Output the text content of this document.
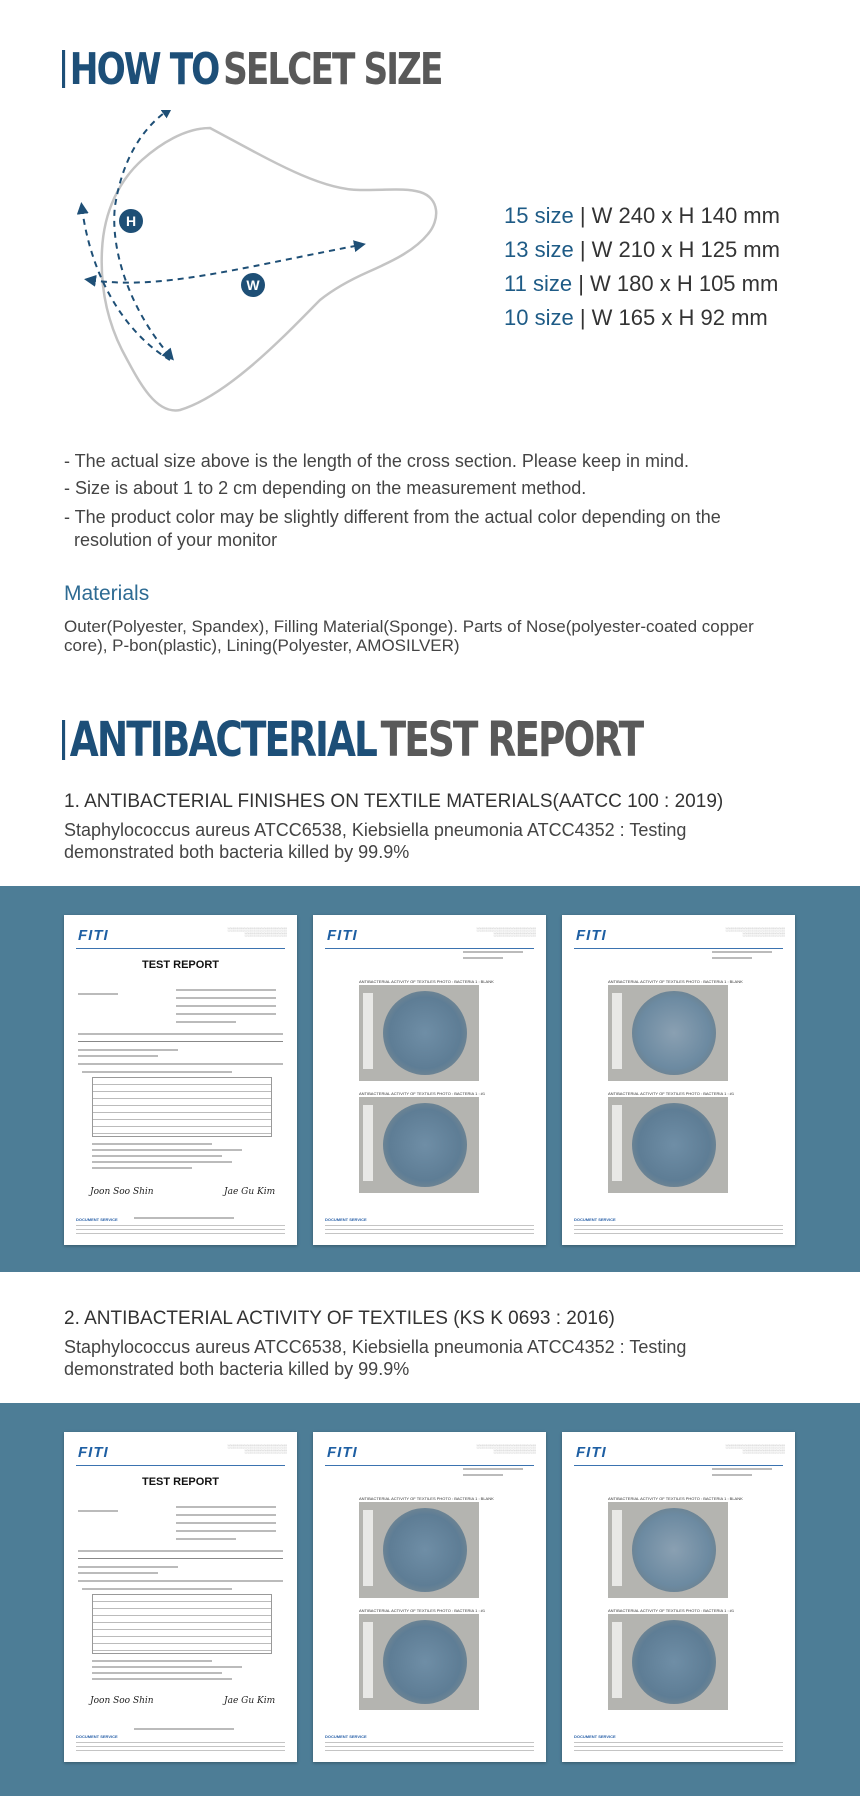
HOW TO SELCET SIZE
H
W
15 size | W 240 x H 140 mm
13 size | W 210 x H 125 mm
11 size | W 180 x H 105 mm
10 size | W 165 x H 92 mm
- The actual size above is the length of the cross section. Please keep in mind.
- Size is about 1 to 2 cm depending on the measurement method.
- The product color may be slightly different from the actual color depending on the
resolution of your monitor
Materials
Outer(Polyester, Spandex), Filling Material(Sponge). Parts of Nose(polyester-coated copper core), P-bon(plastic), Lining(Polyester, AMOSILVER)
ANTIBACTERIALTEST REPORT
1. ANTIBACTERIAL FINISHES ON TEXTILE MATERIALS(AATCC 100 : 2019)
Staphylococcus aureus ATCC6538, Kiebsiella pneumonia ATCC4352 : Testing demonstrated both bacteria killed by 99.9%
FITI	░░░░░░░░░░░░░░░░░░░░░
░░░░░░░░░░░░░░░
TEST REPORT
Joon Soo Shin	Jae Gu Kim
DOCUMENT SERVICE
FITI	░░░░░░░░░░░░░░░░░░░░░
░░░░░░░░░░░░░░░
ANTIBACTERIAL ACTIVITY OF TEXTILES PHOTO : BACTERIA 1 : BLANK
ANTIBACTERIAL ACTIVITY OF TEXTILES PHOTO : BACTERIA 1 : #1
DOCUMENT SERVICE
FITI	░░░░░░░░░░░░░░░░░░░░░
░░░░░░░░░░░░░░░
ANTIBACTERIAL ACTIVITY OF TEXTILES PHOTO : BACTERIA 1 : BLANK
ANTIBACTERIAL ACTIVITY OF TEXTILES PHOTO : BACTERIA 1 : #1
DOCUMENT SERVICE
2. ANTIBACTERIAL ACTIVITY OF TEXTILES (KS K 0693 : 2016)
Staphylococcus aureus ATCC6538, Kiebsiella pneumonia ATCC4352 : Testing demonstrated both bacteria killed by 99.9%
FITI	░░░░░░░░░░░░░░░░░░░░░
░░░░░░░░░░░░░░░
TEST REPORT
Joon Soo Shin	Jae Gu Kim
DOCUMENT SERVICE
FITI	░░░░░░░░░░░░░░░░░░░░░
░░░░░░░░░░░░░░░
ANTIBACTERIAL ACTIVITY OF TEXTILES PHOTO : BACTERIA 1 : BLANK
ANTIBACTERIAL ACTIVITY OF TEXTILES PHOTO : BACTERIA 1 : #1
DOCUMENT SERVICE
FITI	░░░░░░░░░░░░░░░░░░░░░
░░░░░░░░░░░░░░░
ANTIBACTERIAL ACTIVITY OF TEXTILES PHOTO : BACTERIA 1 : BLANK
ANTIBACTERIAL ACTIVITY OF TEXTILES PHOTO : BACTERIA 1 : #1
DOCUMENT SERVICE
